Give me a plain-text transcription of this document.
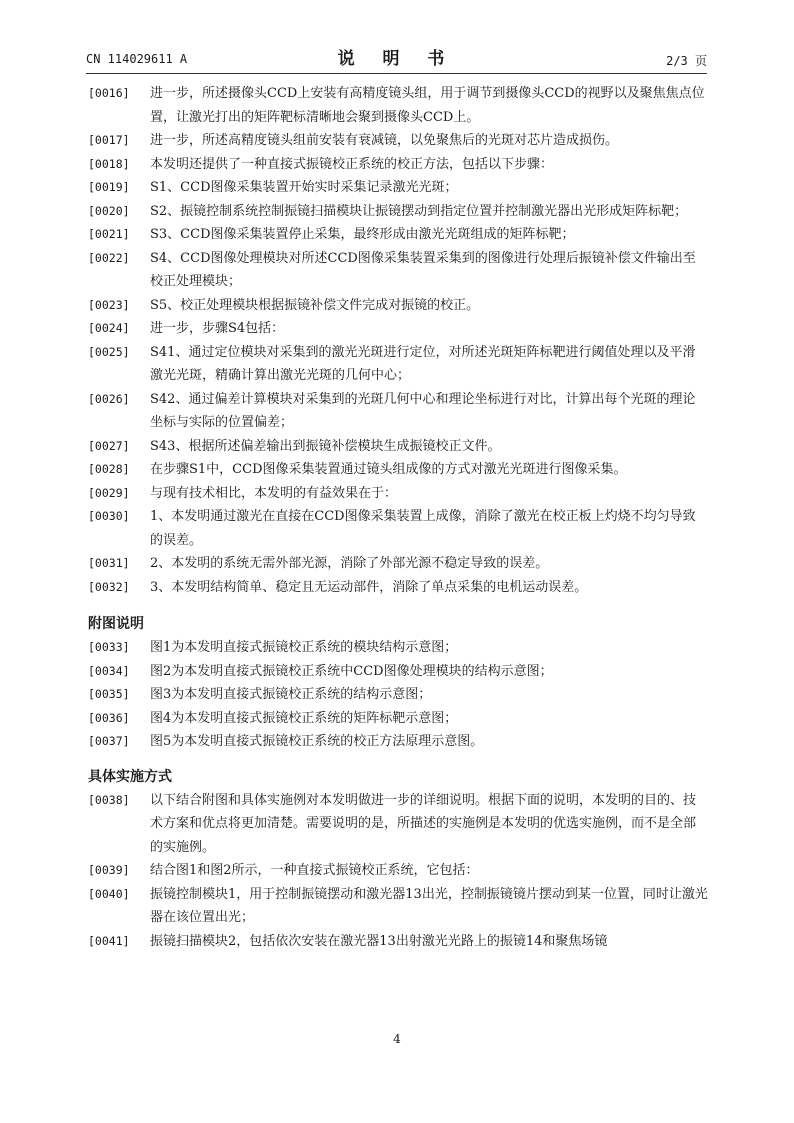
CN 114029611 A	说 明 书	2/3 页
[0016] 进一步，所述摄像头CCD上安装有高精度镜头组，用于调节到摄像头CCD的视野以及聚焦焦点位置，让激光打出的矩阵靶标清晰地会聚到摄像头CCD上。
[0017] 进一步，所述高精度镜头组前安装有衰减镜，以免聚焦后的光斑对芯片造成损伤。
[0018] 本发明还提供了一种直接式振镜校正系统的校正方法，包括以下步骤：
[0019] S1、CCD图像采集装置开始实时采集记录激光光斑；
[0020] S2、振镜控制系统控制振镜扫描模块让振镜摆动到指定位置并控制激光器出光形成矩阵标靶；
[0021] S3、CCD图像采集装置停止采集，最终形成由激光光斑组成的矩阵标靶；
[0022] S4、CCD图像处理模块对所述CCD图像采集装置采集到的图像进行处理后振镜补偿文件输出至校正处理模块；
[0023] S5、校正处理模块根据振镜补偿文件完成对振镜的校正。
[0024] 进一步，步骤S4包括：
[0025] S41、通过定位模块对采集到的激光光斑进行定位，对所述光斑矩阵标靶进行阈值处理以及平滑激光光斑，精确计算出激光光斑的几何中心；
[0026] S42、通过偏差计算模块对采集到的光斑几何中心和理论坐标进行对比，计算出每个光斑的理论坐标与实际的位置偏差；
[0027] S43、根据所述偏差输出到振镜补偿模块生成振镜校正文件。
[0028] 在步骤S1中，CCD图像采集装置通过镜头组成像的方式对激光光斑进行图像采集。
[0029] 与现有技术相比，本发明的有益效果在于：
[0030] 1、本发明通过激光在直接在CCD图像采集装置上成像，消除了激光在校正板上灼烧不均匀导致的误差。
[0031] 2、本发明的系统无需外部光源，消除了外部光源不稳定导致的误差。
[0032] 3、本发明结构简单、稳定且无运动部件，消除了单点采集的电机运动误差。

附图说明

[0033] 图1为本发明直接式振镜校正系统的模块结构示意图；
[0034] 图2为本发明直接式振镜校正系统中CCD图像处理模块的结构示意图；
[0035] 图3为本发明直接式振镜校正系统的结构示意图；
[0036] 图4为本发明直接式振镜校正系统的矩阵标靶示意图；
[0037] 图5为本发明直接式振镜校正系统的校正方法原理示意图。

具体实施方式

[0038] 以下结合附图和具体实施例对本发明做进一步的详细说明。根据下面的说明，本发明的目的、技术方案和优点将更加清楚。需要说明的是，所描述的实施例是本发明的优选实施例，而不是全部的实施例。
[0039] 结合图1和图2所示，一种直接式振镜校正系统，它包括：
[0040] 振镜控制模块1，用于控制振镜摆动和激光器13出光，控制振镜镜片摆动到某一位置，同时让激光器在该位置出光；
[0041] 振镜扫描模块2，包括依次安装在激光器13出射激光光路上的振镜14和聚焦场镜
4
